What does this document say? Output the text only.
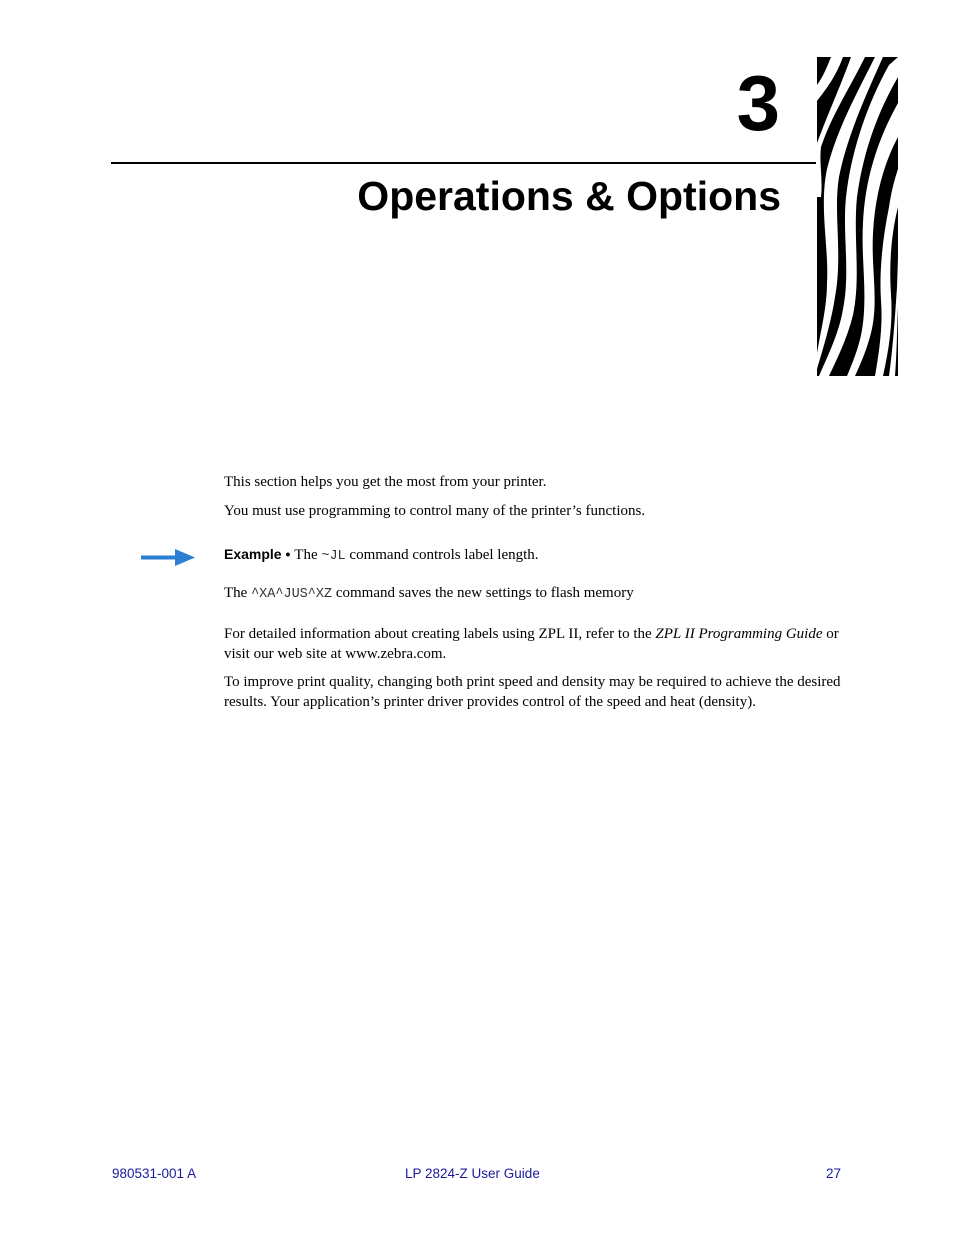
3
Operations & Options

This section helps you get the most from your printer.

You must use programming to control many of the printer’s functions.

Example • The ~JL command controls label length.

The ^XA^JUS^XZ command saves the new settings to flash memory

For detailed information about creating labels using ZPL II, refer to the ZPL II Programming Guide or visit our web site at www.zebra.com.

To improve print quality, changing both print speed and density may be required to achieve the desired results. Your application’s printer driver provides control of the speed and heat (density).

980531-001 A	LP 2824-Z User Guide	27
